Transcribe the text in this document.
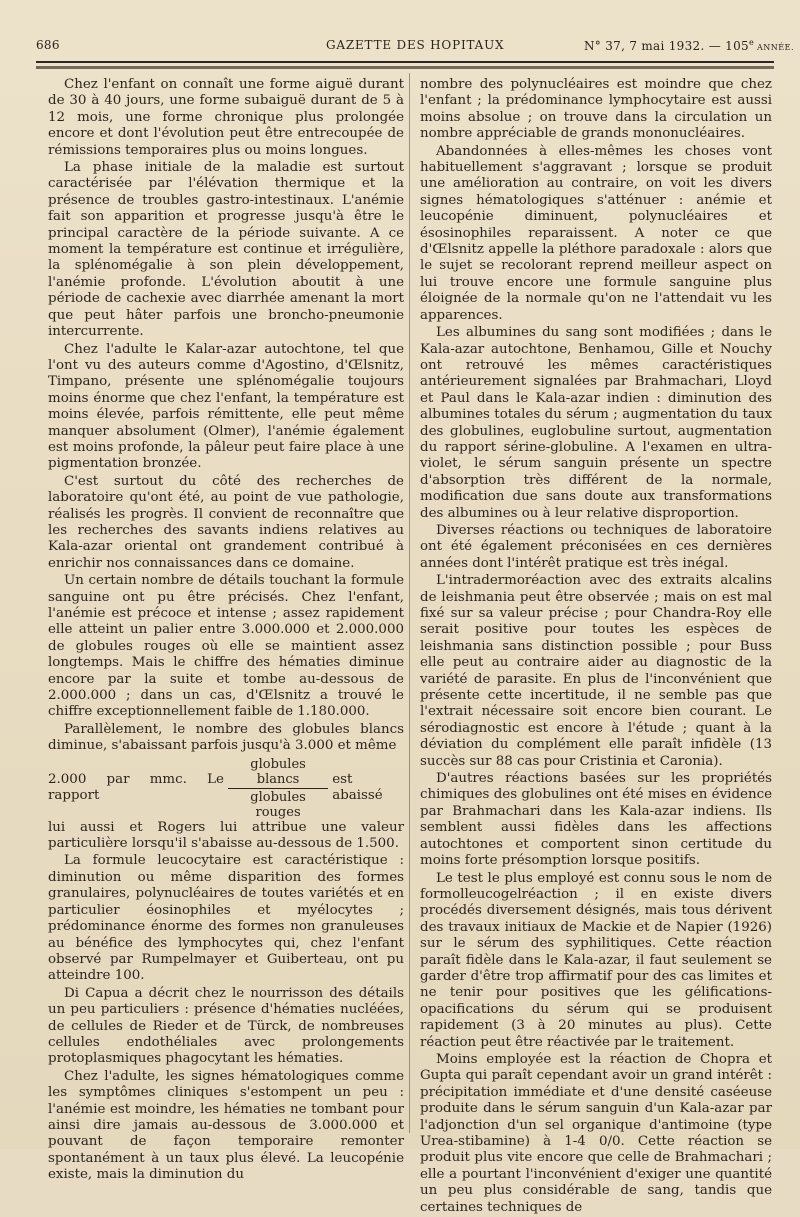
686	GAZETTE DES HOPITAUX	N° 37, 7 mai 1932. — 105e ANNÉE.

Chez l'enfant on connaît une forme aiguë durant de 30 à 40 jours, une forme subaiguë durant de 5 à 12 mois, une forme chronique plus prolongée encore et dont l'évolution peut être entrecoupée de rémissions temporaires plus ou moins longues.

La phase initiale de la maladie est surtout caractérisée par l'élévation thermique et la présence de troubles gastro-intestinaux. L'anémie fait son apparition et progresse jusqu'à être le principal caractère de la période suivante. A ce moment la température est continue et irrégulière, la splénomégalie à son plein développement, l'anémie profonde. L'évolution aboutit à une période de cachexie avec diarrhée amenant la mort que peut hâter parfois une broncho-pneumonie intercurrente.

Chez l'adulte le Kalar-azar autochtone, tel que l'ont vu des auteurs comme d'Agostino, d'Œlsnitz, Timpano, présente une splénomégalie toujours moins énorme que chez l'enfant, la température est moins élevée, parfois rémittente, elle peut même manquer absolument (Olmer), l'anémie également est moins profonde, la pâleur peut faire place à une pigmentation bronzée.

C'est surtout du côté des recherches de laboratoire qu'ont été, au point de vue pathologie, réalisés les progrès. Il convient de reconnaître que les recherches des savants indiens relatives au Kala-azar oriental ont grandement contribué à enrichir nos connaissances dans ce domaine.

Un certain nombre de détails touchant la formule sanguine ont pu être précisés. Chez l'enfant, l'anémie est précoce et intense ; assez rapidement elle atteint un palier entre 3.000.000 et 2.000.000 de globules rouges où elle se maintient assez longtemps. Mais le chiffre des hématies diminue encore par la suite et tombe au-dessous de 2.000.000 ; dans un cas, d'Œlsnitz a trouvé le chiffre exceptionnellement faible de 1.180.000.

Parallèlement, le nombre des globules blancs diminue, s'abaissant parfois jusqu'à 3.000 et même

2.000 par mmc. Le rapport	$\frac{\text{globules blancs}}{\text{globules rouges}}$ est abaissé

lui aussi et Rogers lui attribue une valeur particulière lorsqu'il s'abaisse au-dessous de 1.500.

La formule leucocytaire est caractéristique : diminution ou même disparition des formes granulaires, polynucléaires de toutes variétés et en particulier éosinophiles et myélocytes ; prédominance énorme des formes non granuleuses au bénéfice des lymphocytes qui, chez l'enfant observé par Rumpelmayer et Guiberteau, ont pu atteindre 100.

Di Capua a décrit chez le nourrisson des détails un peu particuliers : présence d'hématies nucléées, de cellules de Rieder et de Türck, de nombreuses cellules endothéliales avec prolongements protoplasmiques phagocytant les hématies.

Chez l'adulte, les signes hématologiques comme les symptômes cliniques s'estompent un peu : l'anémie est moindre, les hématies ne tombant pour ainsi dire jamais au-dessous de 3.000.000 et pouvant de façon temporaire remonter spontanément à un taux plus élevé. La leucopénie existe, mais la diminution du

nombre des polynucléaires est moindre que chez l'enfant ; la prédominance lymphocytaire est aussi moins absolue ; on trouve dans la circulation un nombre appréciable de grands mononucléaires.

Abandonnées à elles-mêmes les choses vont habituellement s'aggravant ; lorsque se produit une amélioration au contraire, on voit les divers signes hématologiques s'atténuer : anémie et leucopénie diminuent, polynucléaires et ésosinophiles reparaissent. A noter ce que d'Œlsnitz appelle la pléthore paradoxale : alors que le sujet se recolorant reprend meilleur aspect on lui trouve encore une formule sanguine plus éloignée de la normale qu'on ne l'attendait vu les apparences.

Les albumines du sang sont modifiées ; dans le Kala-azar autochtone, Benhamou, Gille et Nouchy ont retrouvé les mêmes caractéristiques antérieurement signalées par Brahmachari, Lloyd et Paul dans le Kala-azar indien : diminution des albumines totales du sérum ; augmentation du taux des globulines, euglobuline surtout, augmentation du rapport sérine-globuline. A l'examen en ultra-violet, le sérum sanguin présente un spectre d'absorption très différent de la normale, modification due sans doute aux transformations des albumines ou à leur relative disproportion.

Diverses réactions ou techniques de laboratoire ont été également préconisées en ces dernières années dont l'intérêt pratique est très inégal.

L'intradermoréaction avec des extraits alcalins de leishmania peut être observée ; mais on est mal fixé sur sa valeur précise ; pour Chandra-Roy elle serait positive pour toutes les espèces de leishmania sans distinction possible ; pour Buss elle peut au contraire aider au diagnostic de la variété de parasite. En plus de l'inconvénient que présente cette incertitude, il ne semble pas que l'extrait nécessaire soit encore bien courant. Le sérodiagnostic est encore à l'étude ; quant à la déviation du complément elle paraît infidèle (13 succès sur 88 cas pour Cristinia et Caronia).

D'autres réactions basées sur les propriétés chimiques des globulines ont été mises en évidence par Brahmachari dans les Kala-azar indiens. Ils semblent aussi fidèles dans les affections autochtones et comportent sinon certitude du moins forte présomption lorsque positifs.

Le test le plus employé est connu sous le nom de formolleucogelréaction ; il en existe divers procédés diversement désignés, mais tous dérivent des travaux initiaux de Mackie et de Napier (1926) sur le sérum des syphilitiques. Cette réaction paraît fidèle dans le Kala-azar, il faut seulement se garder d'être trop affirmatif pour des cas limites et ne tenir pour positives que les gélifications-opacifications du sérum qui se produisent rapidement (3 à 20 minutes au plus). Cette réaction peut être réactivée par le traitement.

Moins employée est la réaction de Chopra et Gupta qui paraît cependant avoir un grand intérêt : précipitation immédiate et d'une densité caséeuse produite dans le sérum sanguin d'un Kala-azar par l'adjonction d'un sel organique d'antimoine (type Urea-stibamine) à 1-4 0/0. Cette réaction se produit plus vite encore que celle de Brahmachari ; elle a pourtant l'inconvénient d'exiger une quantité un peu plus considérable de sang, tandis que certaines techniques de
